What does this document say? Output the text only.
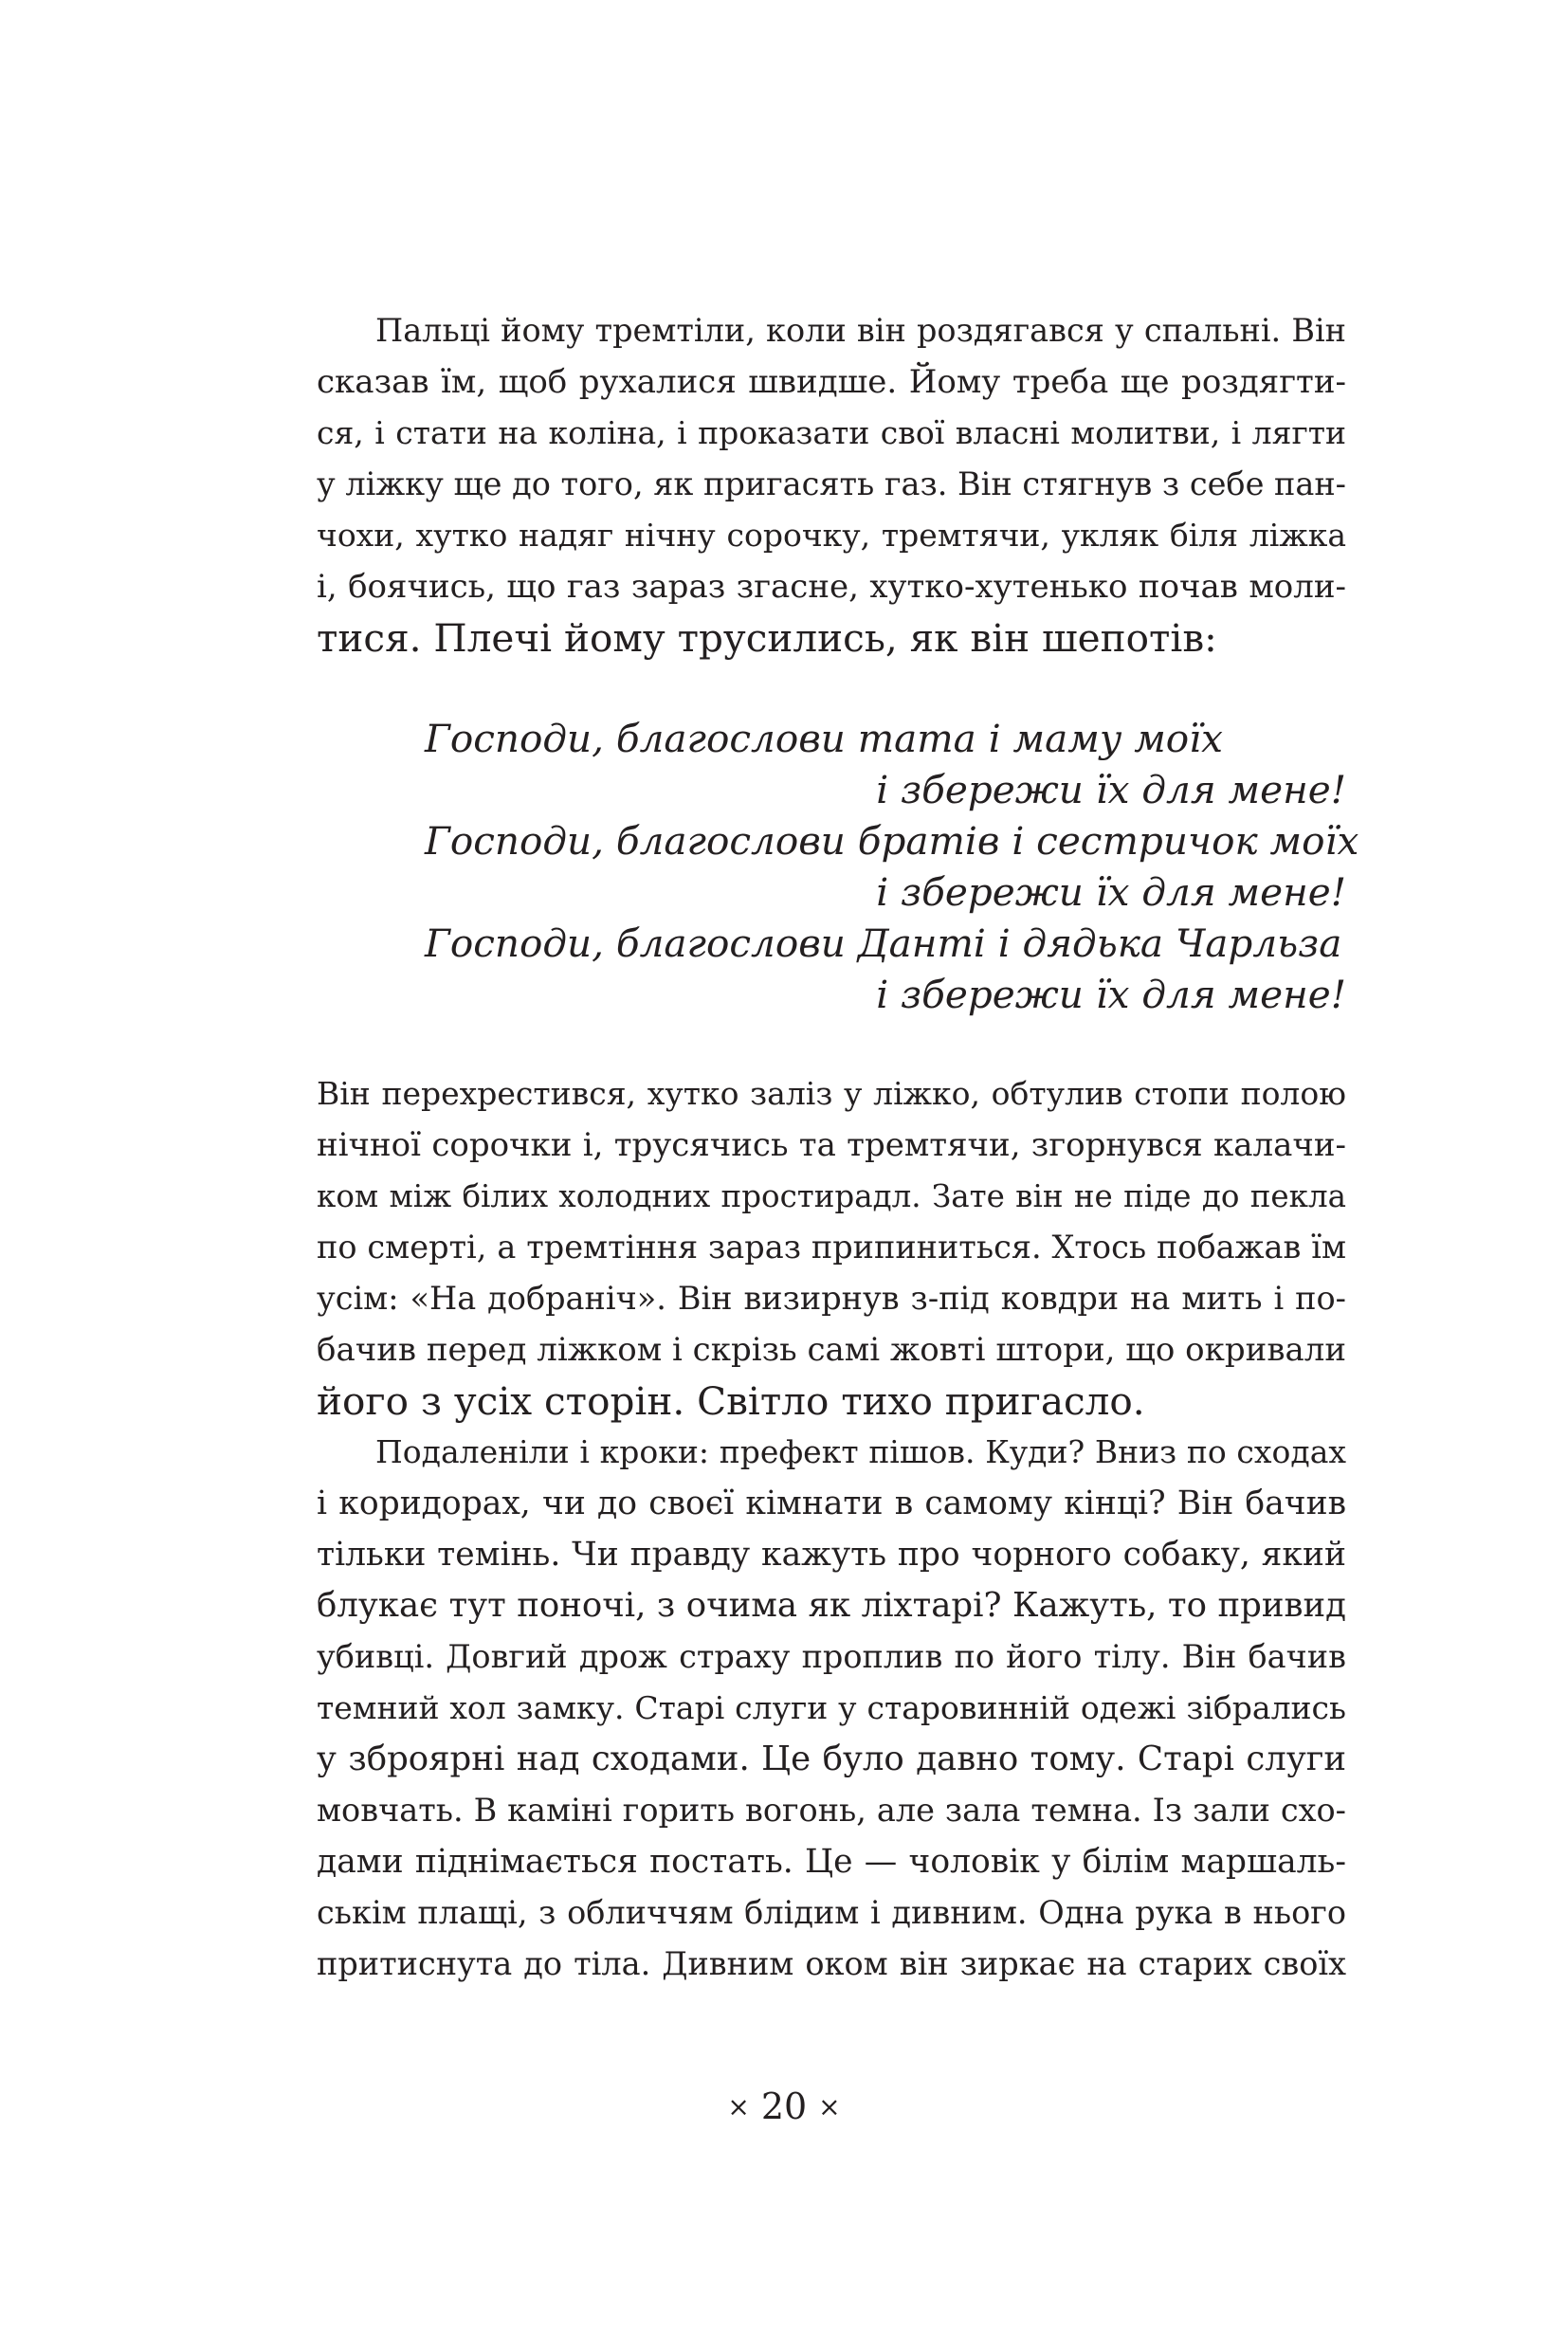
Пальці йому тремтіли, коли він роздягався у спальні. Він
сказав їм, щоб рухалися швидше. Йому треба ще роздягти-
ся, і стати на коліна, і проказати свої власні молитви, і лягти
у ліжку ще до того, як пригасять газ. Він стягнув з себе пан-
чохи, хутко надяг нічну сорочку, тремтячи, укляк біля ліжка
і, боячись, що газ зараз згасне, хутко-хутенько почав моли-
тися. Плечі йому трусились, як він шепотів:
Господи, благослови тата і маму моїх
і збережи їх для мене!
Господи, благослови братів і сестричок моїх
і збережи їх для мене!
Господи, благослови Данті і дядька Чарльза
і збережи їх для мене!
Він перехрестився, хутко заліз у ліжко, обтулив стопи полою
нічної сорочки і, трусячись та тремтячи, згорнувся калачи-
ком між білих холодних простирадл. Зате він не піде до пекла
по смерті, а тремтіння зараз припиниться. Хтось побажав їм
усім: «На добраніч». Він визирнув з-під ковдри на мить і по-
бачив перед ліжком і скрізь самі жовті штори, що окривали
його з усіх сторін. Світло тихо пригасло.
Подаленіли і кроки: префект пішов. Куди? Вниз по сходах
і коридорах, чи до своєї кімнати в самому кінці? Він бачив
тільки темінь. Чи правду кажуть про чорного собаку, який
блукає тут поночі, з очима як ліхтарі? Кажуть, то привид
убивці. Довгий дрож страху проплив по його тілу. Він бачив
темний хол замку. Старі слуги у старовинній одежі зібрались
у зброярні над сходами. Це було давно тому. Старі слуги
мовчать. В каміні горить вогонь, але зала темна. Із зали схо-
дами піднімається постать. Це — чоловік у білім маршаль-
ськім плащі, з обличчям блідим і дивним. Одна рука в нього
притиснута до тіла. Дивним оком він зиркає на старих своїх
× 20 ×
